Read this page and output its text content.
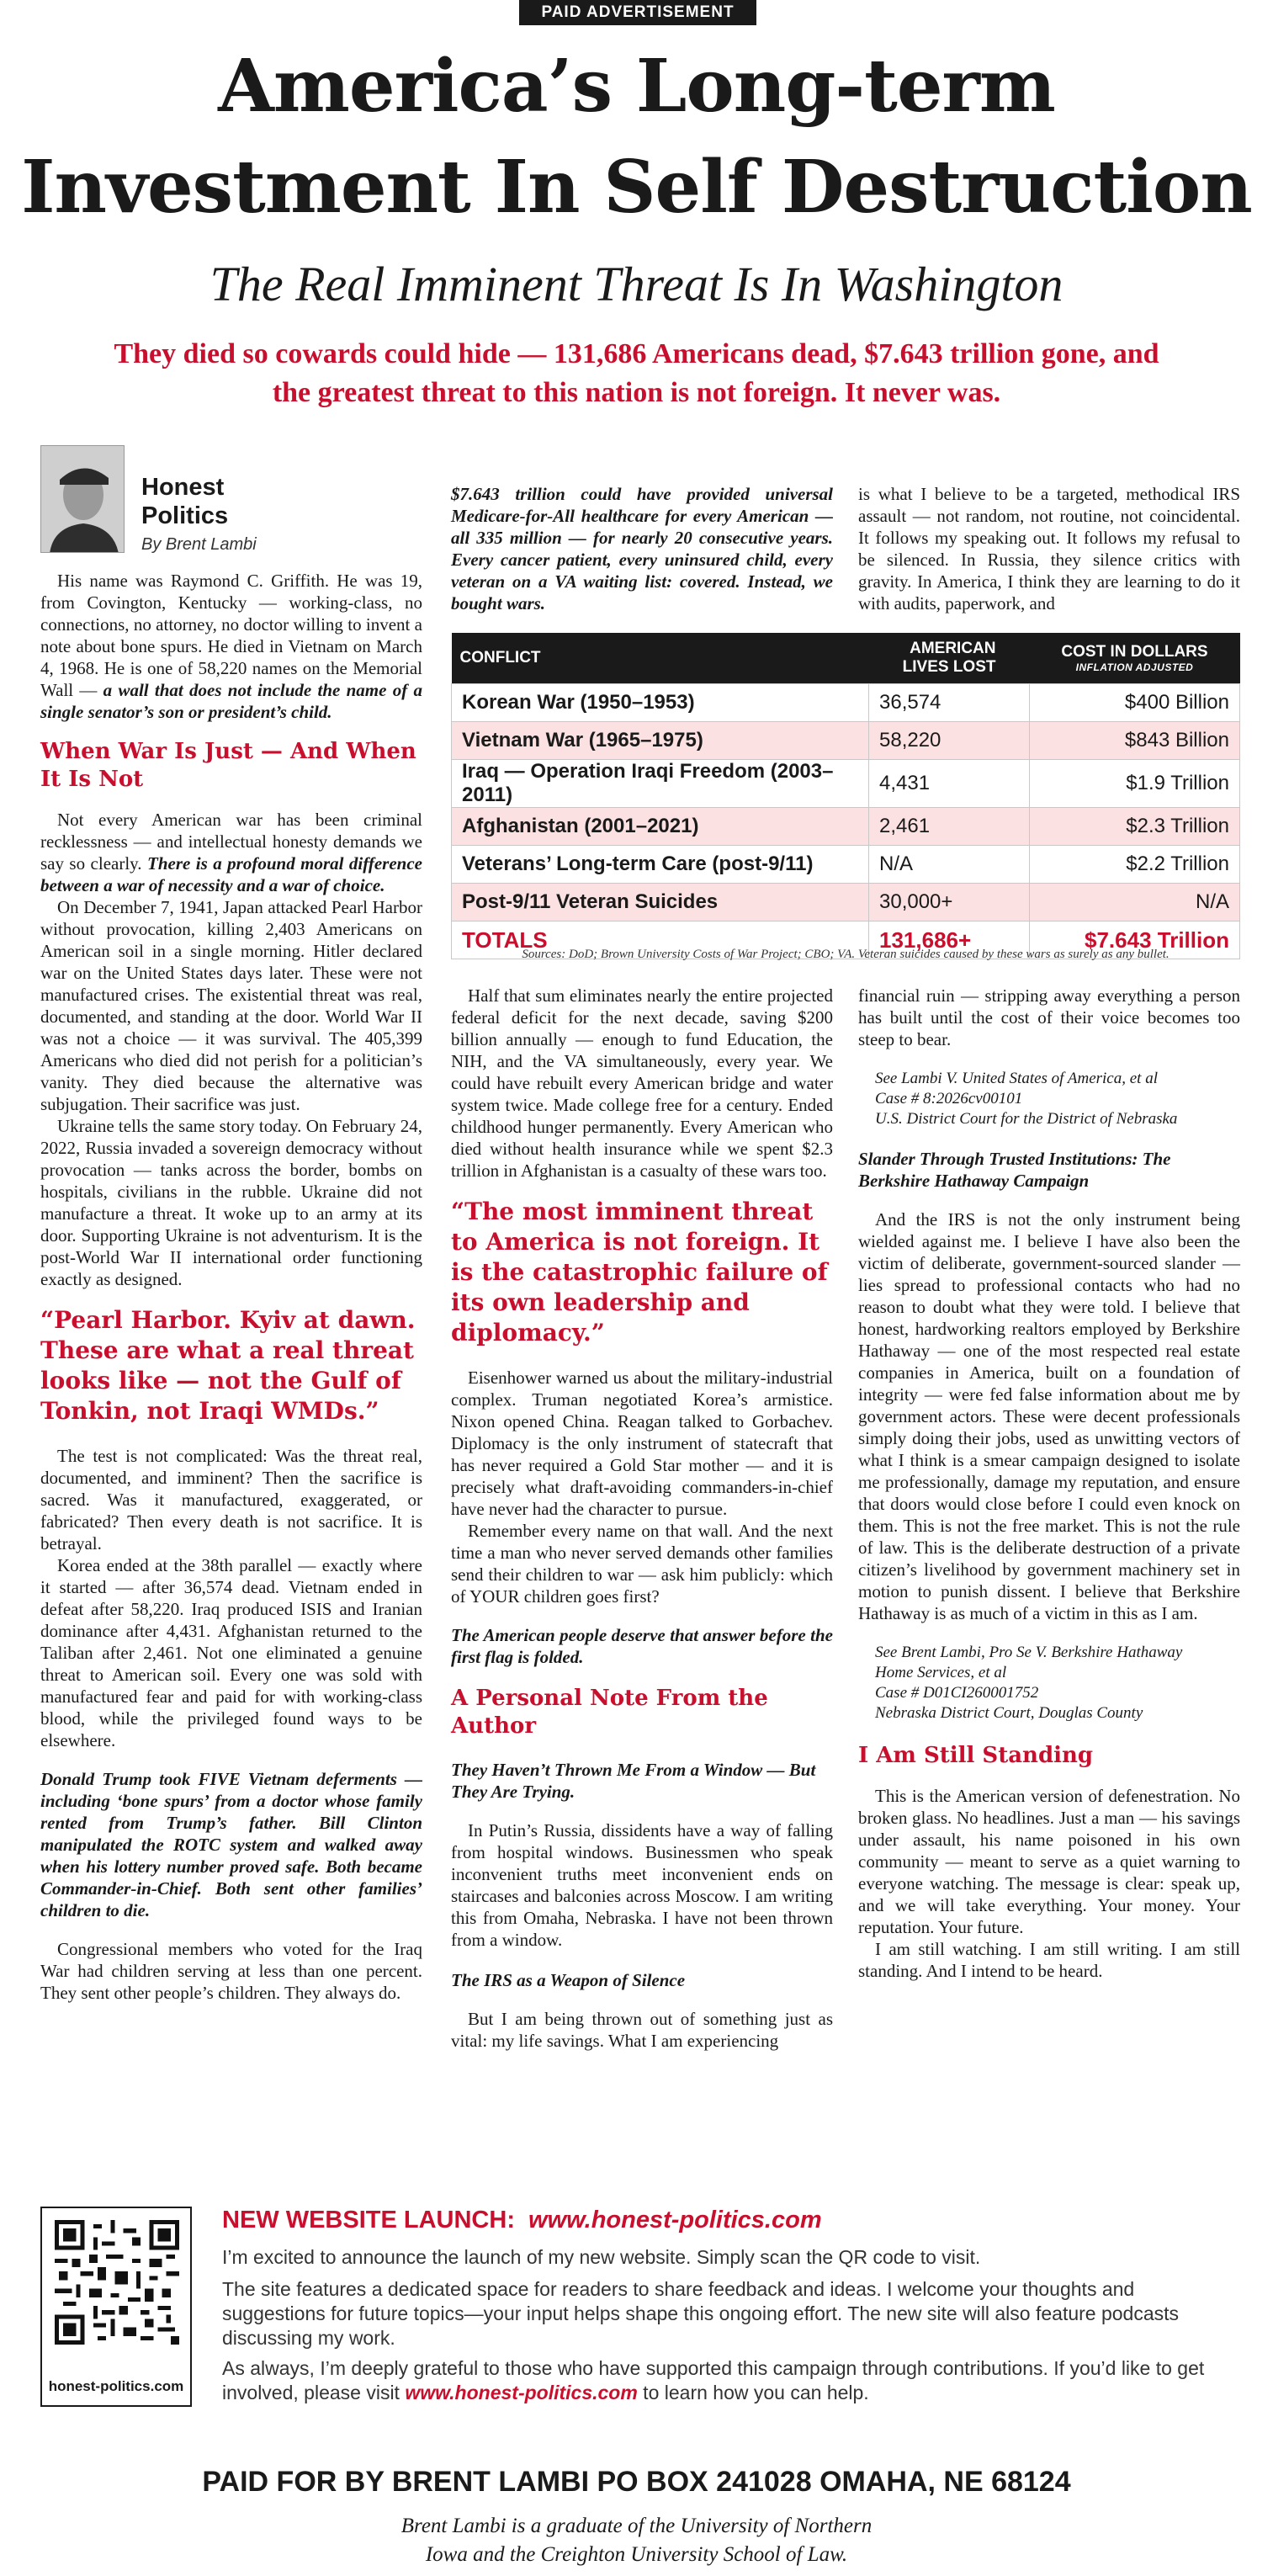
PAID ADVERTISEMENT
America’s Long-term
Investment In Self Destruction
The Real Imminent Threat Is In Washington
They died so cowards could hide — 131,686 Americans dead, $7.643 trillion gone, and the greatest threat to this nation is not foreign. It never was.
Honest
Politics
By Brent Lambi

His name was Raymond C. Griffith. He was 19, from Covington, Kentucky — working-class, no connections, no attorney, no doctor willing to invent a note about bone spurs. He died in Vietnam on March 4, 1968. He is one of 58,220 names on the Memorial Wall — a wall that does not include the name of a single senator’s son or president’s child.

When War Is Just — And When It Is Not

Not every American war has been criminal recklessness — and intellectual honesty demands we say so clearly. There is a profound moral difference between a war of necessity and a war of choice.

On December 7, 1941, Japan attacked Pearl Harbor without provocation, killing 2,403 Americans on American soil in a single morning. Hitler declared war on the United States days later. These were not manufactured crises. The existential threat was real, documented, and standing at the door. World War II was not a choice — it was survival. The 405,399 Americans who died did not perish for a politician’s vanity. They died because the alternative was subjugation. Their sacrifice was just.

Ukraine tells the same story today. On February 24, 2022, Russia invaded a sovereign democracy without provocation — tanks across the border, bombs on hospitals, civilians in the rubble. Ukraine did not manufacture a threat. It woke up to an army at its door. Supporting Ukraine is not adventurism. It is the post-World War II international order functioning exactly as designed.

“Pearl Harbor. Kyiv at dawn. These are what a real threat looks like — not the Gulf of Tonkin, not Iraqi WMDs.”

The test is not complicated: Was the threat real, documented, and imminent? Then the sacrifice is sacred. Was it manufactured, exaggerated, or fabricated? Then every death is not sacrifice. It is betrayal.

Korea ended at the 38th parallel — exactly where it started — after 36,574 dead. Vietnam ended in defeat after 58,220. Iraq produced ISIS and Iranian dominance after 4,431. Afghanistan returned to the Taliban after 2,461. Not one eliminated a genuine threat to American soil. Every one was sold with manufactured fear and paid for with working-class blood, while the privileged found ways to be elsewhere.

Donald Trump took FIVE Vietnam deferments — including ‘bone spurs’ from a doctor whose family rented from Trump’s father. Bill Clinton manipulated the ROTC system and walked away when his lottery number proved safe. Both became Commander-in-Chief. Both sent other families’ children to die.

Congressional members who voted for the Iraq War had children serving at less than one percent. They sent other people’s children. They always do.

$7.643 trillion could have provided universal Medicare-for-All healthcare for every American — all 335 million — for nearly 20 consecutive years. Every cancer patient, every uninsured child, every veteran on a VA waiting list: covered. Instead, we bought wars.

is what I believe to be a targeted, methodical IRS assault — not random, not routine, not coincidental. It follows my speaking out. It follows my refusal to be silenced. In Russia, they silence critics with gravity. In America, I think they are learning to do it with audits, paperwork, and

CONFLICT	AMERICAN LIVES LOST	COST IN DOLLARS
INFLATION ADJUSTED

Korean War (1950–1953)	36,574	$400 Billion
Vietnam War (1965–1975)	58,220	$843 Billion
Iraq — Operation Iraqi Freedom (2003–2011)	4,431	$1.9 Trillion
Afghanistan (2001–2021)	2,461	$2.3 Trillion
Veterans’ Long-term Care (post-9/11)	N/A	$2.2 Trillion
Post-9/11 Veteran Suicides	30,000+	N/A
TOTALS	131,686+	$7.643 Trillion
Sources: DoD; Brown University Costs of War Project; CBO; VA. Veteran suicides caused by these wars as surely as any bullet.

Half that sum eliminates nearly the entire projected federal deficit for the next decade, saving $200 billion annually — enough to fund Education, the NIH, and the VA simultaneously, every year. We could have rebuilt every American bridge and water system twice. Made college free for a century. Ended childhood hunger permanently. Every American who died without health insurance while we spent $2.3 trillion in Afghanistan is a casualty of these wars too.

“The most imminent threat to America is not foreign. It is the catastrophic failure of its own leadership and diplomacy.”

Eisenhower warned us about the military-industrial complex. Truman negotiated Korea’s armistice. Nixon opened China. Reagan talked to Gorbachev. Diplomacy is the only instrument of statecraft that has never required a Gold Star mother — and it is precisely what draft-avoiding commanders-in-chief have never had the character to pursue.

Remember every name on that wall. And the next time a man who never served demands other families send their children to war — ask him publicly: which of YOUR children goes first?

The American people deserve that answer before the first flag is folded.

A Personal Note From the Author

They Haven’t Thrown Me From a Window — But They Are Trying.

In Putin’s Russia, dissidents have a way of falling from hospital windows. Businessmen who speak inconvenient truths meet inconvenient ends on staircases and balconies across Moscow. I am writing this from Omaha, Nebraska. I have not been thrown from a window.

The IRS as a Weapon of Silence

But I am being thrown out of something just as vital: my life savings. What I am experiencing

financial ruin — stripping away everything a person has built until the cost of their voice becomes too steep to bear.

See Lambi V. United States of America, et al
Case # 8:2026cv00101
U.S. District Court for the District of Nebraska

Slander Through Trusted Institutions: The Berkshire Hathaway Campaign

And the IRS is not the only instrument being wielded against me. I believe I have also been the victim of deliberate, government-sourced slander — lies spread to professional contacts who had no reason to doubt what they were told. I believe that honest, hardworking realtors employed by Berkshire Hathaway — one of the most respected real estate companies in America, built on a foundation of integrity — were fed false information about me by government actors. These were decent professionals simply doing their jobs, used as unwitting vectors of what I think is a smear campaign designed to isolate me professionally, damage my reputation, and ensure that doors would close before I could even knock on them. This is not the free market. This is not the rule of law. This is the deliberate destruction of a private citizen’s livelihood by government machinery set in motion to punish dissent. I believe that Berkshire Hathaway is as much of a victim in this as I am.

See Brent Lambi, Pro Se V. Berkshire Hathaway
Home Services, et al
Case # D01CI260001752
Nebraska District Court, Douglas County
I Am Still Standing

This is the American version of defenestration. No broken glass. No headlines. Just a man — his savings under assault, his name poisoned in his own community — meant to serve as a quiet warning to everyone watching. The message is clear: speak up, and we will take everything. Your money. Your reputation. Your future.

I am still watching. I am still writing. I am still standing. And I intend to be heard.

honest-politics.com
NEW WEBSITE LAUNCH: www.honest-politics.com
I’m excited to announce the launch of my new website. Simply scan the QR code to visit.
The site features a dedicated space for readers to share feedback and ideas. I welcome your thoughts and suggestions for future topics—your input helps shape this ongoing effort. The new site will also feature podcasts discussing my work.
As always, I’m deeply grateful to those who have supported this campaign through contributions. If you’d like to get involved, please visit www.honest-politics.com to learn how you can help.
PAID FOR BY BRENT LAMBI PO BOX 241028 OMAHA, NE 68124
Brent Lambi is a graduate of the University of Northern
Iowa and the Creighton University School of Law.
